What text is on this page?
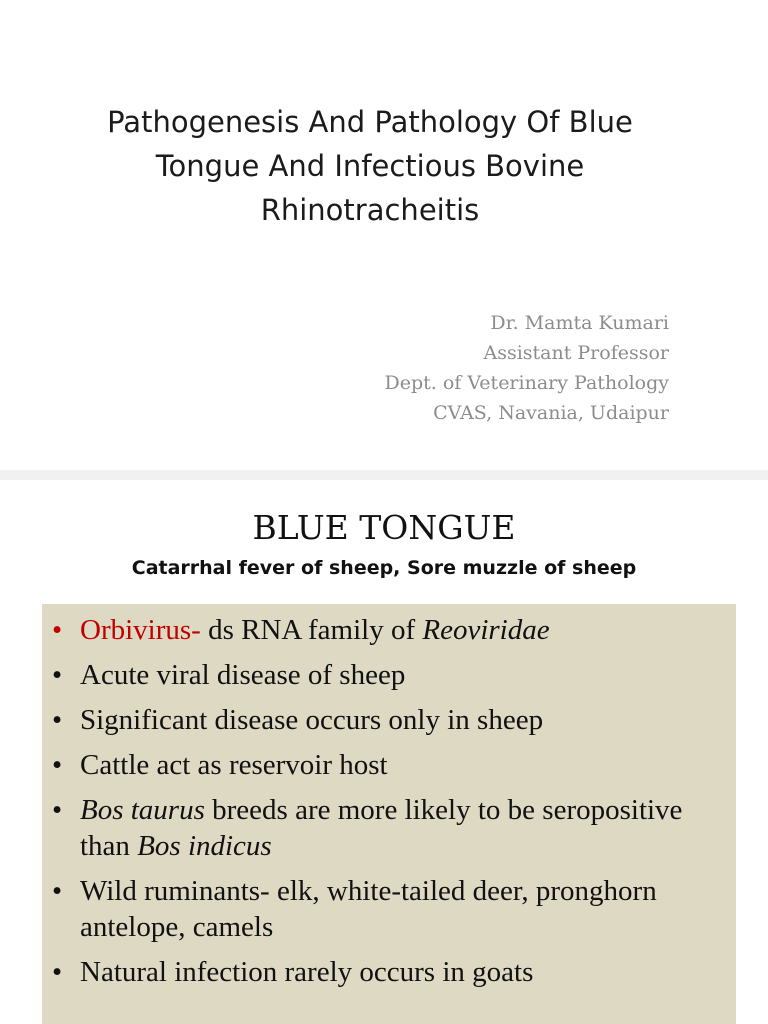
Pathogenesis And Pathology Of Blue
Tongue And Infectious Bovine
Rhinotracheitis
Dr. Mamta Kumari
Assistant Professor
Dept. of Veterinary Pathology
CVAS, Navania, Udaipur
BLUE TONGUE
Catarrhal fever of sheep, Sore muzzle of sheep
• Orbivirus- ds RNA family of Reoviridae
• Acute viral disease of sheep
• Significant disease occurs only in sheep
• Cattle act as reservoir host
• Bos taurus breeds are more likely to be seropositive than Bos indicus
• Wild ruminants- elk, white-tailed deer, pronghorn antelope, camels
• Natural infection rarely occurs in goats
